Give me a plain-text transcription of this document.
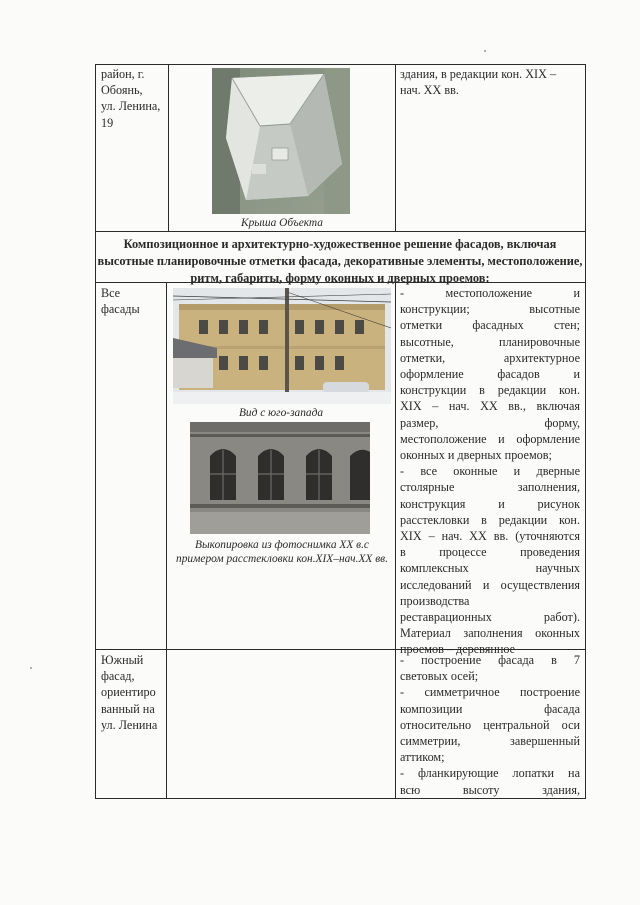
район, г.
Обоянь,
ул. Ленина,
19

Крыша Объекта

здания, в редакции кон. XIX –
нач. XX вв.

Композиционное и архитектурно-художественное решение фасадов, включая высотные планировочные отметки фасада, декоративные элементы, местоположение, ритм, габариты, форму оконных и дверных проемов:

Все
фасады

Вид с юго-запада

Выкопировка из фотоснимка XX в.с примером расстекловки кон.XIX–нач.XX вв.

- местоположение и
конструкции; высотные
отметки фасадных стен;
высотные, планировочные
отметки, архитектурное
оформление фасадов и
конструкции в редакции кон.
XIX – нач. XX вв., включая
размер, форму,
местоположение и оформление
оконных и дверных проемов;
- все оконные и дверные
столярные заполнения,
конструкция и рисунок
расстекловки в редакции кон.
XIX – нач. XX вв. (уточняются
в процессе проведения
комплексных научных
исследований и осуществления
производства
реставрационных работ).
Материал заполнения оконных
проемов – деревянное

Южный
фасад,
ориентиро
ванный на
ул. Ленина

- построение фасада в 7
световых осей;
- симметричное построение
композиции фасада
относительно центральной оси
симметрии, завершенный
аттиком;
- фланкирующие лопатки на
всю высоту здания,
